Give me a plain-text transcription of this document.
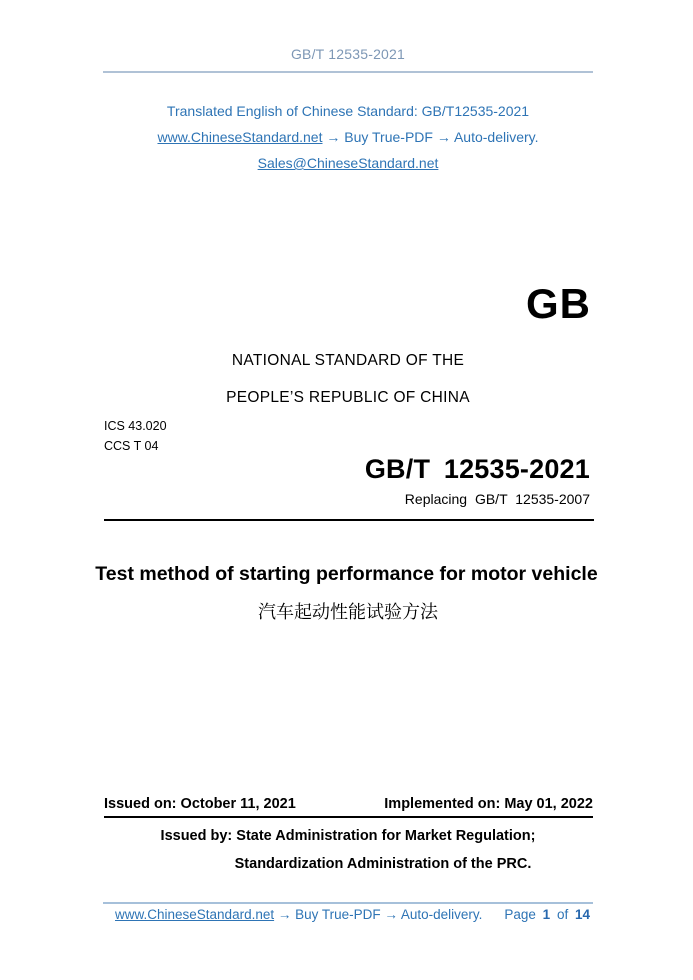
GB/T 12535-2021
Translated English of Chinese Standard: GB/T12535-2021
www.ChineseStandard.net → Buy True-PDF → Auto-delivery.
Sales@ChineseStandard.net
GB
NATIONAL STANDARD OF THE
PEOPLE’S REPUBLIC OF CHINA
ICS 43.020
CCS T 04
GB/T 12535-2021
Replacing GB/T 12535-2007
Test method of starting performance for motor vehicle
汽车起动性能试验方法
Issued on: October 11, 2021	Implemented on: May 01, 2022
Issued by: State Administration for Market Regulation;
Standardization Administration of the PRC.
www.ChineseStandard.net → Buy True-PDF → Auto-delivery. Page 1 of 14
